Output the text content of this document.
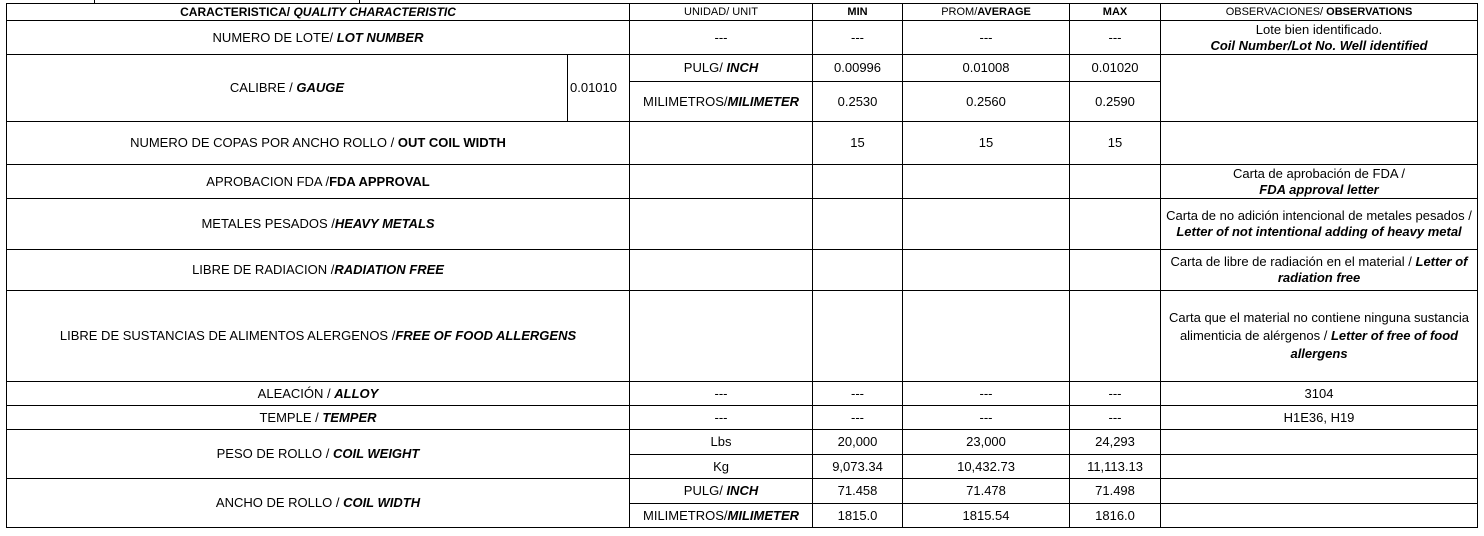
CARACTERISTICA/ QUALITY CHARACTERISTIC		UNIDAD/ UNIT	MIN	PROM/AVERAGE	MAX	OBSERVACIONES/ OBSERVATIONS
NUMERO DE LOTE/ LOT NUMBER		---	---	---	---	Lote bien identificado.
Coil Number/Lot No. Well identified

CALIBRE / GAUGE	0.01010	PULG/ INCH	0.00996	0.01008	0.01020	
		MILIMETROS/MILIMETER	0.2530	0.2560	0.2590	
NUMERO DE COPAS POR ANCHO ROLLO / OUT COIL WIDTH			15	15	15	
APROBACION FDA /FDA APPROVAL						Carta de aprobación de FDA /
FDA approval letter

METALES PESADOS /HEAVY METALS						Carta de no adición intencional de metales pesados / Letter of not intentional adding of heavy metal
LIBRE DE RADIACION /RADIATION FREE						Carta de libre de radiación en el material / Letter of radiation free
LIBRE DE SUSTANCIAS DE ALIMENTOS ALERGENOS /FREE OF FOOD ALLERGENS						Carta que el material no contiene ninguna sustancia alimenticia de alérgenos / Letter of free of food allergens
ALEACIÓN / ALLOY		---	---	---	---	3104
TEMPLE / TEMPER		---	---	---	---	H1E36, H19
PESO DE ROLLO / COIL WEIGHT		Lbs	20,000	23,000	24,293	
		Kg	9,073.34	10,432.73	11,113.13	
ANCHO DE ROLLO / COIL WIDTH		PULG/ INCH	71.458	71.478	71.498	
		MILIMETROS/MILIMETER	1815.0	1815.54	1816.0	
